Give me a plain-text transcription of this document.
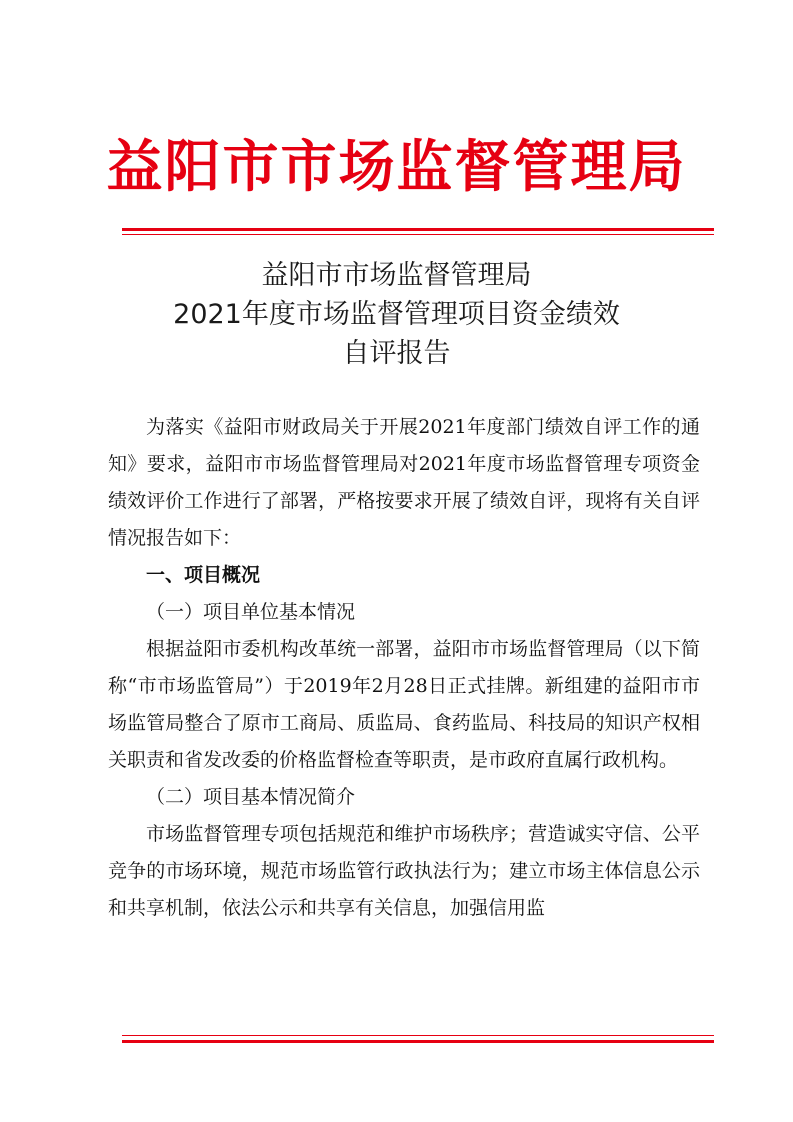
益阳市市场监督管理局
益阳市市场监督管理局
2021年度市场监督管理项目资金绩效
自评报告

为落实《益阳市财政局关于开展2021年度部门绩效自评工作的通知》要求，益阳市市场监督管理局对2021年度市场监督管理专项资金绩效评价工作进行了部署，严格按要求开展了绩效自评，现将有关自评情况报告如下：

一、项目概况

（一）项目单位基本情况

根据益阳市委机构改革统一部署，益阳市市场监督管理局（以下简称“市市场监管局”）于2019年2月28日正式挂牌。新组建的益阳市市场监管局整合了原市工商局、质监局、食药监局、科技局的知识产权相关职责和省发改委的价格监督检查等职责，是市政府直属行政机构。

（二）项目基本情况简介

市场监督管理专项包括规范和维护市场秩序；营造诚实守信、公平竞争的市场环境，规范市场监管行政执法行为；建立市场主体信息公示和共享机制，依法公示和共享有关信息，加强信用监
